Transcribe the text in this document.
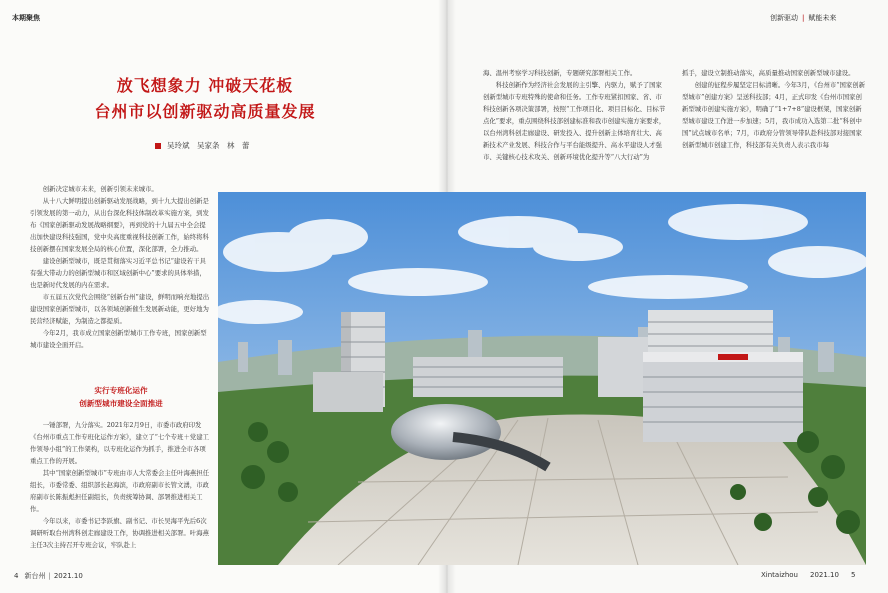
本期聚焦	创新驱动 | 赋能未来
放飞想象力 冲破天花板
台州市以创新驱动高质量发展
吴玲斌　吴家条　林　蕾

创新决定城市未来，创新引领未来城市。

从十八大鲜明提出创新驱动发展战略，到十九大提出创新是引领发展的第一动力，从出台深化科技体制改革实施方案，到发布《国家创新驱动发展战略纲要》，再到党的十九届五中全会提出加快建设科技强国，党中央高度重视科技创新工作，始终将科技创新摆在国家发展全局的核心位置，深化部署，全力推动。

建设创新型城市，既是贯彻落实习近平总书记“建设若干具有强大带动力的创新型城市和区域创新中心”要求的具体举措，也是新时代发展的内在需求。

市五届五次党代会围绕“创新台州”建设，鲜明而响亮地提出建设国家创新型城市，以各领域创新催生发展新动能，更好地为民营经济赋能，为制造之都提质。

今年2月，我市成立国家创新型城市工作专班，国家创新型城市建设全面开启。

实行专班化运作
创新型城市建设全面推进

一锤部署，九分落实。2021年2月9日，市委市政府印发《台州市重点工作专班化运作方案》，建立了“七个专班＋党建工作领导小组”的工作架构，以专班化运作为抓手，推进全市各项重点工作的开展。

其中“国家创新型城市”专班由市人大常委会主任叶海燕担任组长，市委常委、组织部长赵海滨，市政府副市长管文湧，市政府副市长陈振彪担任副组长，负责统筹协调、部署推进相关工作。

今年以来，市委书记李跃旗、副书记、市长吴海平先后6次调研听取台州湾科创走廊建设工作，协调推进相关部署。叶海燕主任3次主持召开专班会议，牢队赴上

海、温州考察学习科技创新，专题研究部署相关工作。

科技创新作为经济社会发展的主引擎、内驱力，赋予了国家创新型城市专班特殊的使命和任务。工作专班紧扣国家、省、市科技创新各项决策部署，按照“工作项目化、项目目标化、目标节点化”要求，重点围绕科技部创建标准和我市创建实施方案要求，以台州湾科创走廊建设、研发投入、提升创新主体培育壮大、高新技术产业发展、科技合作与平台能级提升、高水平建设人才强市、关键核心技术攻关、创新环境优化提升等“八大行动”为

抓手，建设立制推动落实，高质量推动国家创新型城市建设。

创建的征程步履坚定目标清晰。今年3月，《台州市“国家创新型城市”创建方案》呈送科技部；4月，正式印发《台州市国家创新型城市创建实施方案》，明确了“1+7+8”建设框架，国家创新型城市建设工作进一步加速；5月，我市成功入选第二批“科创中国”试点城市名单；7月，市政府分管领导带队赴科技部对接国家创新型城市创建工作，科技部有关负责人表示我市每

4 新台州 | 2021.10	Xintaizhou 2021.10 5
